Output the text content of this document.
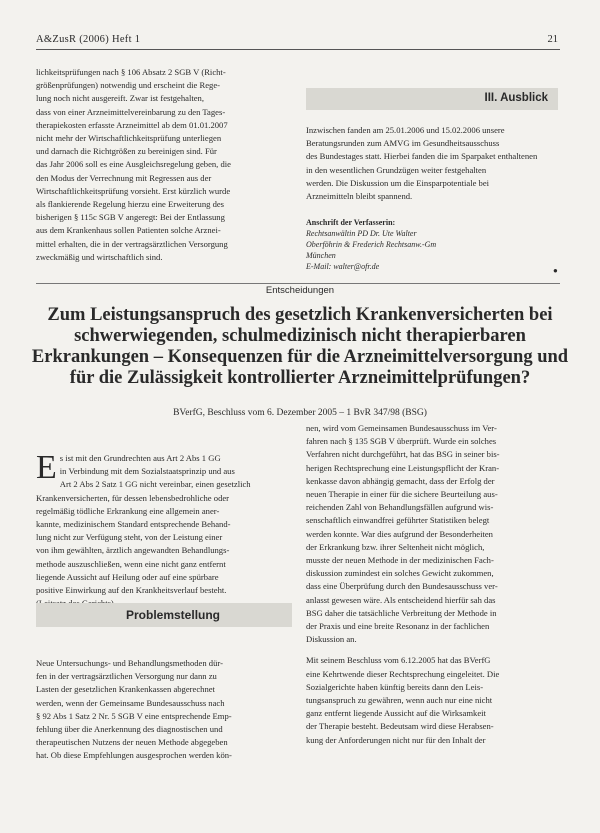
A&ZusR (2006) Heft 1	21
lichkeitsprüfungen nach § 106 Absatz 2 SGB V (Richt-
größenprüfungen) notwendig und erscheint die Rege-
lung noch nicht ausgereift. Zwar ist festgehalten,
dass von einer Arzneimittelvereinbarung zu den Tages-
therapiekosten erfasste Arzneimittel ab dem 01.01.2007
nicht mehr der Wirtschaftlichkeitsprüfung unterliegen
und darnach die Richtgrößen zu bereinigen sind. Für
das Jahr 2006 soll es eine Ausgleichsregelung geben, die
den Modus der Verrechnung mit Regressen aus der
Wirtschaftlichkeitsprüfung vorsieht. Erst kürzlich wurde
als flankierende Regelung hierzu eine Erweiterung des
bisherigen § 115c SGB V angeregt: Bei der Entlassung
aus dem Krankenhaus sollen Patienten solche Arznei-
mittel erhalten, die in der vertragsärztlichen Versorgung
zweckmäßig und wirtschaftlich sind.
III. Ausblick
Inzwischen fanden am 25.01.2006 und 15.02.2006 unsere
Beratungsrunden zum AMVG im Gesundheitsausschuss
des Bundestages statt. Hierbei fanden die im Sparpaket enthaltenen
in den wesentlichen Grundzügen weiter festgehalten
werden. Die Diskussion um die Einsparpotentiale bei
Arzneimitteln bleibt spannend.
Anschrift der Verfasserin:
Rechtsanwältin PD Dr. Ute Walter
Oberföhrin & Frederich Rechtsanw.-Gm
München
E-Mail: walter@ofr.de	●
Entscheidungen
Zum Leistungsanspruch des gesetzlich Krankenversicherten bei schwerwiegenden, schulmedizinisch nicht therapierbaren Erkrankungen – Konsequenzen für die Arzneimittelversorgung und für die Zulässigkeit kontrollierter Arzneimittelprüfungen?
BVerfG, Beschluss vom 6. Dezember 2005 – 1 BvR 347/98 (BSG)
E s ist mit den Grundrechten aus Art 2 Abs 1 GG
in Verbindung mit dem Sozialstaatsprinzip und aus
Art 2 Abs 2 Satz 1 GG nicht vereinbar, einen gesetzlich
Krankenversicherten, für dessen lebensbedrohliche oder
regelmäßig tödliche Erkrankung eine allgemein aner-
kannte, medizinischem Standard entsprechende Behand-
lung nicht zur Verfügung steht, von der Leistung einer
von ihm gewählten, ärztlich angewandten Behandlungs-
methode auszuschließen, wenn eine nicht ganz entfernt
liegende Aussicht auf Heilung oder auf eine spürbare
positive Einwirkung auf den Krankheitsverlauf besteht.
Problemstellung
Neue Untersuchungs- und Behandlungsmethoden dür-
fen in der vertragsärztlichen Versorgung nur dann zu
Lasten der gesetzlichen Krankenkassen abgerechnet
werden, wenn der Gemeinsame Bundesausschuss nach
§ 92 Abs 1 Satz 2 Nr. 5 SGB V eine entsprechende Emp-
fehlung über die Anerkennung des diagnostischen und
therapeutischen Nutzens der neuen Methode abgegeben
hat. Ob diese Empfehlungen ausgesprochen werden kön-
nen, wird vom Gemeinsamen Bundesausschuss im Ver-
fahren nach § 135 SGB V überprüft. Wurde ein solches
Verfahren nicht durchgeführt, hat das BSG in seiner bis-
herigen Rechtsprechung eine Leistungspflicht der Kran-
kenkasse davon abhängig gemacht, dass der Erfolg der
neuen Therapie in einer für die sichere Beurteilung aus-
reichenden Zahl von Behandlungsfällen aufgrund wis-
senschaftlich einwandfrei geführter Statistiken belegt
werden konnte. War dies aufgrund der Besonderheiten
der Erkrankung bzw. ihrer Seltenheit nicht möglich,
musste der neuen Methode in der medizinischen Fach-
diskussion zumindest ein solches Gewicht zukommen,
dass eine Überprüfung durch den Bundesausschuss ver-
anlasst gewesen wäre. Als entscheidend hierfür sah das
BSG daher die tatsächliche Verbreitung der Methode in
der Praxis und eine breite Resonanz in der fachlichen
Diskussion an.
Mit seinem Beschluss vom 6.12.2005 hat das BVerfG
eine Kehrtwende dieser Rechtsprechung eingeleitet. Die
Sozialgerichte haben künftig bereits dann den Leis-
tungsanspruch zu gewähren, wenn auch nur eine nicht
ganz entfernt liegende Aussicht auf die Wirksamkeit
der Therapie besteht. Bedeutsam wird diese Herabsen-
kung der Anforderungen nicht nur für den Inhalt der
